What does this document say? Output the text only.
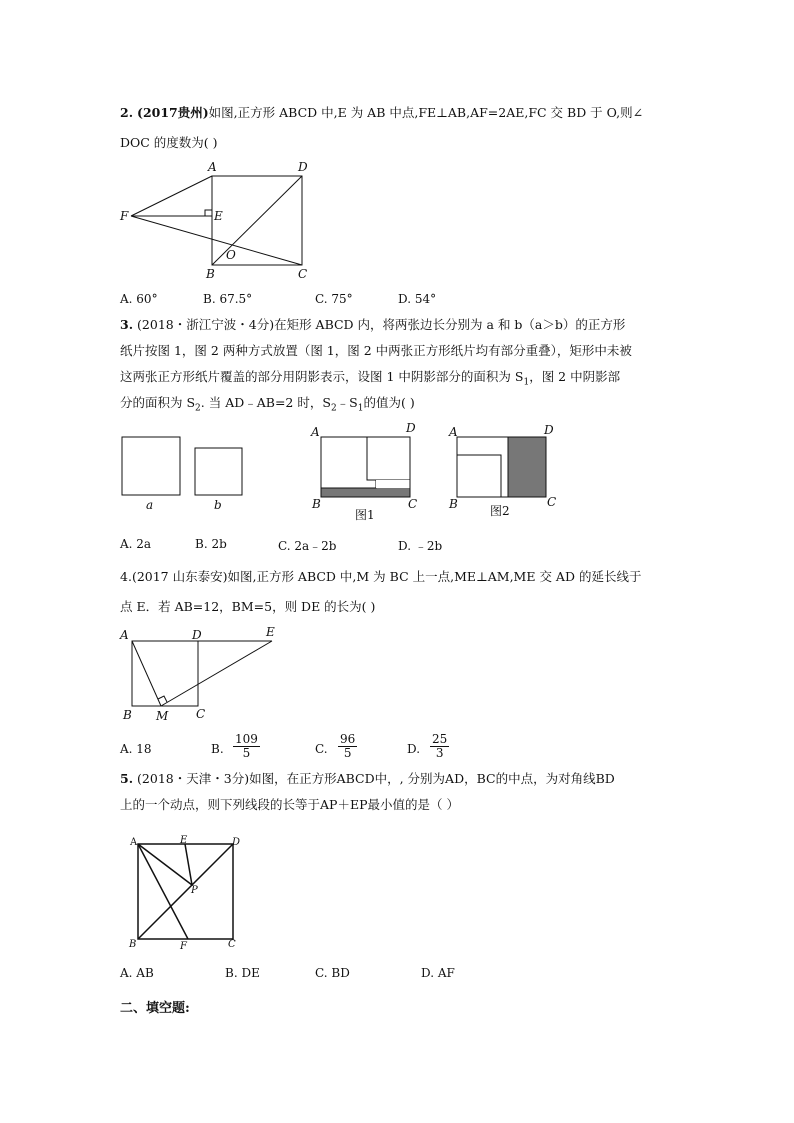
2. (2017贵州)如图,正方形 ABCD 中,E 为 AB 中点,FE⊥AB,AF=2AE,FC 交 BD 于 O,则∠
DOC 的度数为( )
A	D
F	E
O
B	C
A. 60°	B. 67.5°	C. 75°	D. 54°
3. (2018・浙江宁波・4分)在矩形 ABCD 内，将两张边长分别为 a 和 b（a＞b）的正方形
纸片按图 1，图 2 两种方式放置（图 1，图 2 中两张正方形纸片均有部分重叠），矩形中未被
这两张正方形纸片覆盖的部分用阴影表示，设图 1 中阴影部分的面积为 $S_1$，图 2 中阴影部
分的面积为 $S_2$. 当 AD﹣AB=2 时，$S_2﹣S_1$的值为( )
a	b
A	D
B	C
图1
A	D
B	C
图2
A. 2a	B. 2b	C. 2a﹣2b	D. ﹣2b
4.(2017 山东泰安)如图,正方形 ABCD 中,M 为 BC 上一点,ME⊥AM,ME 交 AD 的延长线于
点 E．若 AB=12，BM=5，则 DE 的长为( )
A	D	E
B M C
A. 18	B.
109
5	C.
96
5	D.
25
3
5. (2018・天津・3分)如图，在正方形ABCD中，, 分别为AD，BC的中点，为对角线BD
上的一个动点，则下列线段的长等于AP＋EP最小值的是（ ）
A	E	D
P
B	F	C
A. AB	B. DE	C. BD	D. AF
二、填空题:
